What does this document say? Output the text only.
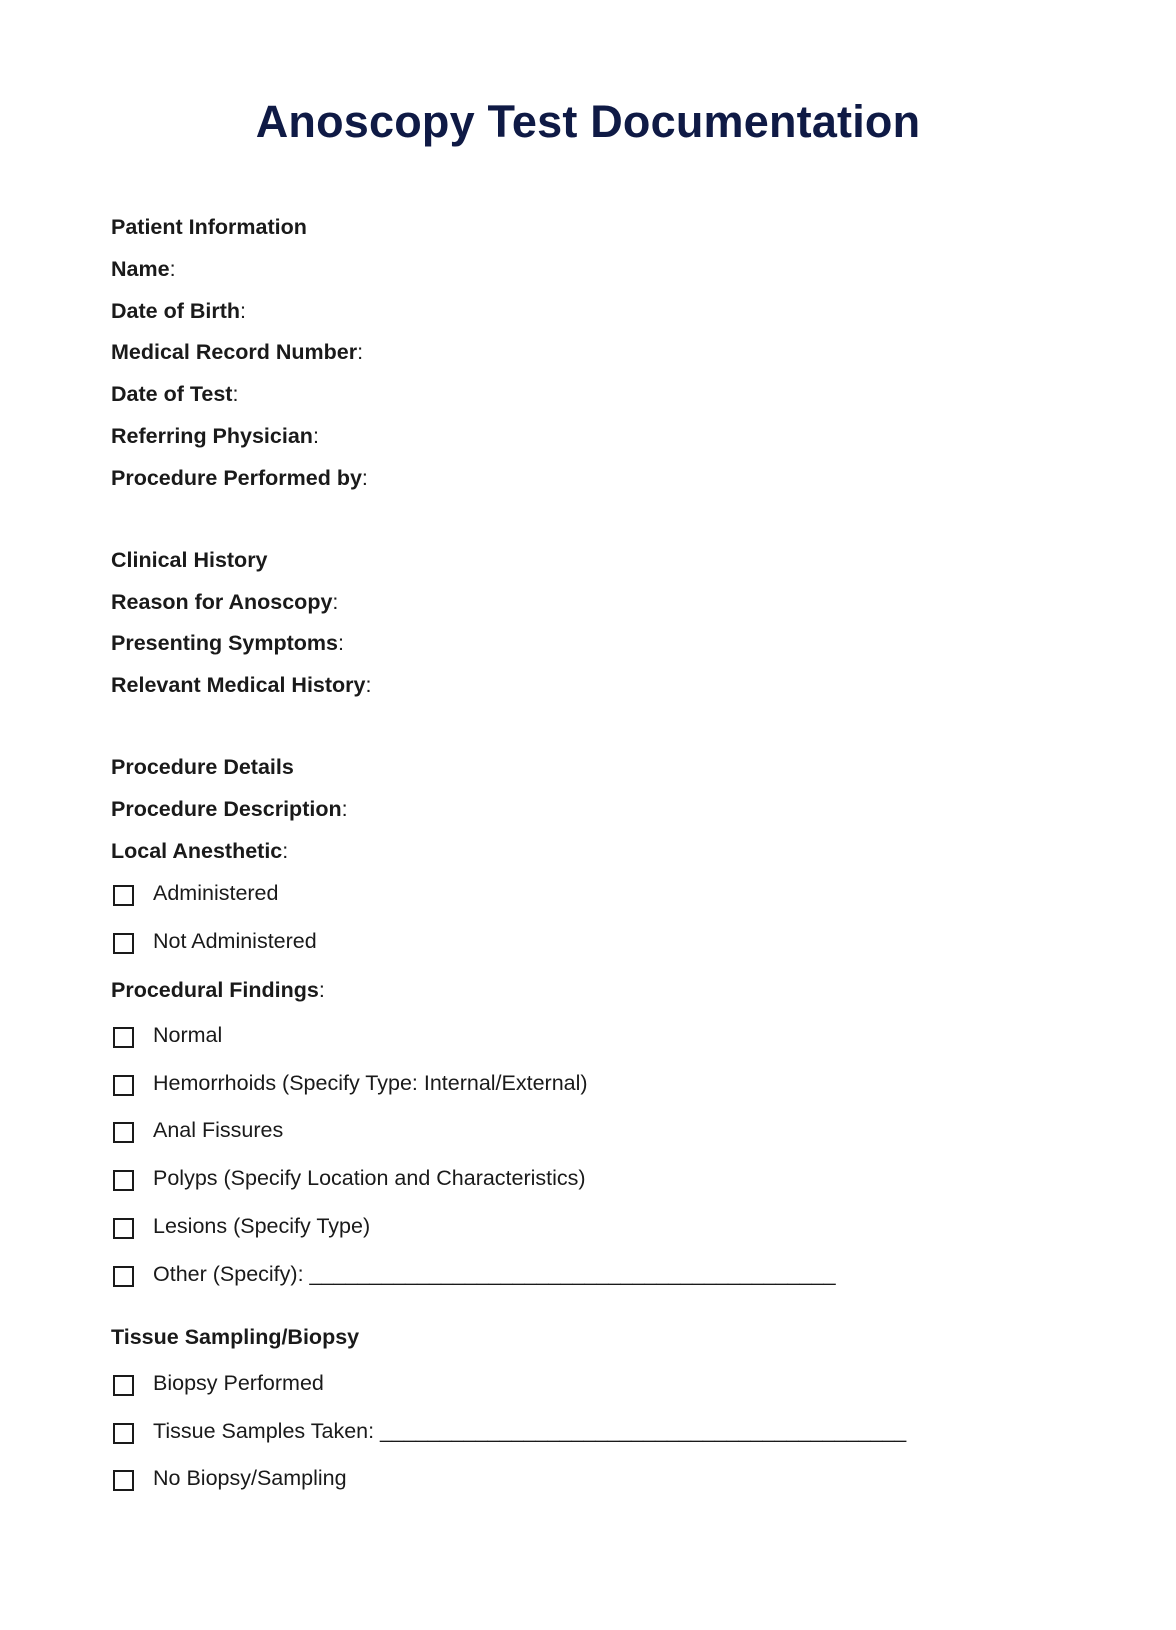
Anoscopy Test Documentation
Patient Information
Name:
Date of Birth:
Medical Record Number:
Date of Test:
Referring Physician:
Procedure Performed by:
Clinical History
Reason for Anoscopy:
Presenting Symptoms:
Relevant Medical History:
Procedure Details
Procedure Description:
Local Anesthetic:
Administered
Not Administered
Procedural Findings:
Normal
Hemorrhoids (Specify Type: Internal/External)
Anal Fissures
Polyps (Specify Location and Characteristics)
Lesions (Specify Type)
Other (Specify): ____________________________________________
Tissue Sampling/Biopsy
Biopsy Performed
Tissue Samples Taken: ____________________________________________
No Biopsy/Sampling
